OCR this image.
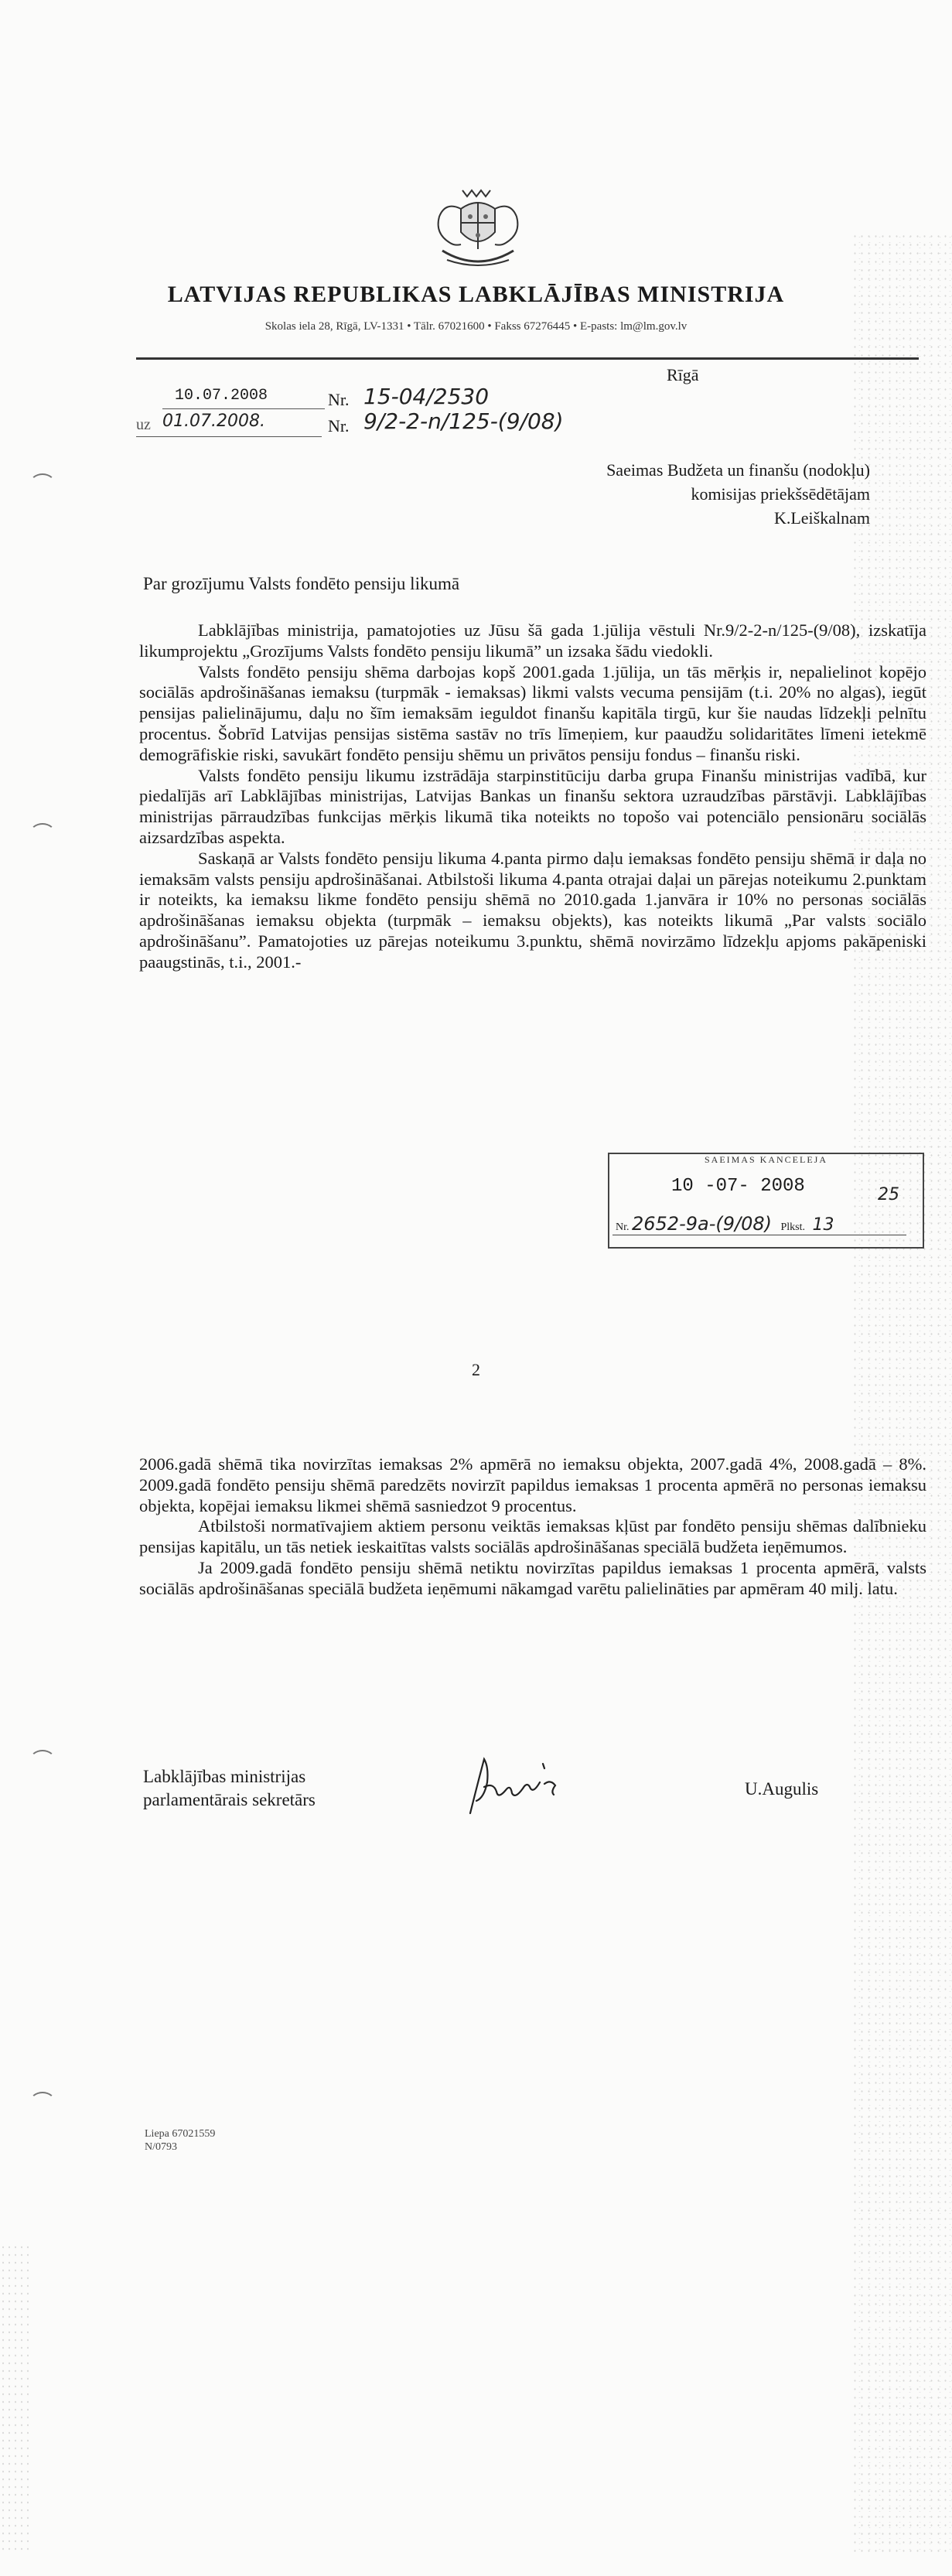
LATVIJAS REPUBLIKAS LABKLĀJĪBAS MINISTRIJA
Skolas iela 28, Rīgā, LV-1331 • Tālr. 67021600 • Fakss 67276445 • E-pasts: lm@lm.gov.lv
Rīgā
10.07.2008	Nr. 15-04/2530
uz 01.07.2008.	Nr. 9/2-2-n/125-(9/08)
Saeimas Budžeta un finanšu (nodokļu)
komisijas priekšsēdētājam
K.Leiškalnam
Par grozījumu Valsts fondēto pensiju likumā

Labklājības ministrija, pamatojoties uz Jūsu šā gada 1.jūlija vēstuli Nr.9/2-2-n/125-(9/08), izskatīja likumprojektu „Grozījums Valsts fondēto pensiju likumā” un izsaka šādu viedokli.

Valsts fondēto pensiju shēma darbojas kopš 2001.gada 1.jūlija, un tās mērķis ir, nepalielinot kopējo sociālās apdrošināšanas iemaksu (turpmāk - iemaksas) likmi valsts vecuma pensijām (t.i. 20% no algas), iegūt pensijas palielinājumu, daļu no šīm iemaksām ieguldot finanšu kapitāla tirgū, kur šie naudas līdzekļi pelnītu procentus. Šobrīd Latvijas pensijas sistēma sastāv no trīs līmeņiem, kur paaudžu solidaritātes līmeni ietekmē demogrāfiskie riski, savukārt fondēto pensiju shēmu un privātos pensiju fondus – finanšu riski.

Valsts fondēto pensiju likumu izstrādāja starpinstitūciju darba grupa Finanšu ministrijas vadībā, kur piedalījās arī Labklājības ministrijas, Latvijas Bankas un finanšu sektora uzraudzības pārstāvji. Labklājības ministrijas pārraudzības funkcijas mērķis likumā tika noteikts no topošo vai potenciālo pensionāru sociālās aizsardzības aspekta.

Saskaņā ar Valsts fondēto pensiju likuma 4.panta pirmo daļu iemaksas fondēto pensiju shēmā ir daļa no iemaksām valsts pensiju apdrošināšanai. Atbilstoši likuma 4.panta otrajai daļai un pārejas noteikumu 2.punktam ir noteikts, ka iemaksu likme fondēto pensiju shēmā no 2010.gada 1.janvāra ir 10% no personas sociālās apdrošināšanas iemaksu objekta (turpmāk – iemaksu objekts), kas noteikts likumā „Par valsts sociālo apdrošināšanu”. Pamatojoties uz pārejas noteikumu 3.punktu, shēmā novirzāmo līdzekļu apjoms pakāpeniski paaugstinās, t.i., 2001.-

SAEIMAS KANCELEJA
10 -07- 2008	25
Nr. 2652-9a-(9/08) Plkst. 13
2

2006.gadā shēmā tika novirzītas iemaksas 2% apmērā no iemaksu objekta, 2007.gadā 4%, 2008.gadā – 8%. 2009.gadā fondēto pensiju shēmā paredzēts novirzīt papildus iemaksas 1 procenta apmērā no personas iemaksu objekta, kopējai iemaksu likmei shēmā sasniedzot 9 procentus.

Atbilstoši normatīvajiem aktiem personu veiktās iemaksas kļūst par fondēto pensiju shēmas dalībnieku pensijas kapitālu, un tās netiek ieskaitītas valsts sociālās apdrošināšanas speciālā budžeta ieņēmumos.

Ja 2009.gadā fondēto pensiju shēmā netiktu novirzītas papildus iemaksas 1 procenta apmērā, valsts sociālās apdrošināšanas speciālā budžeta ieņēmumi nākamgad varētu palielināties par apmēram 40 milj. latu.

Labklājības ministrijas
parlamentārais sekretārs
U.Augulis
Liepa 67021559
N/0793
